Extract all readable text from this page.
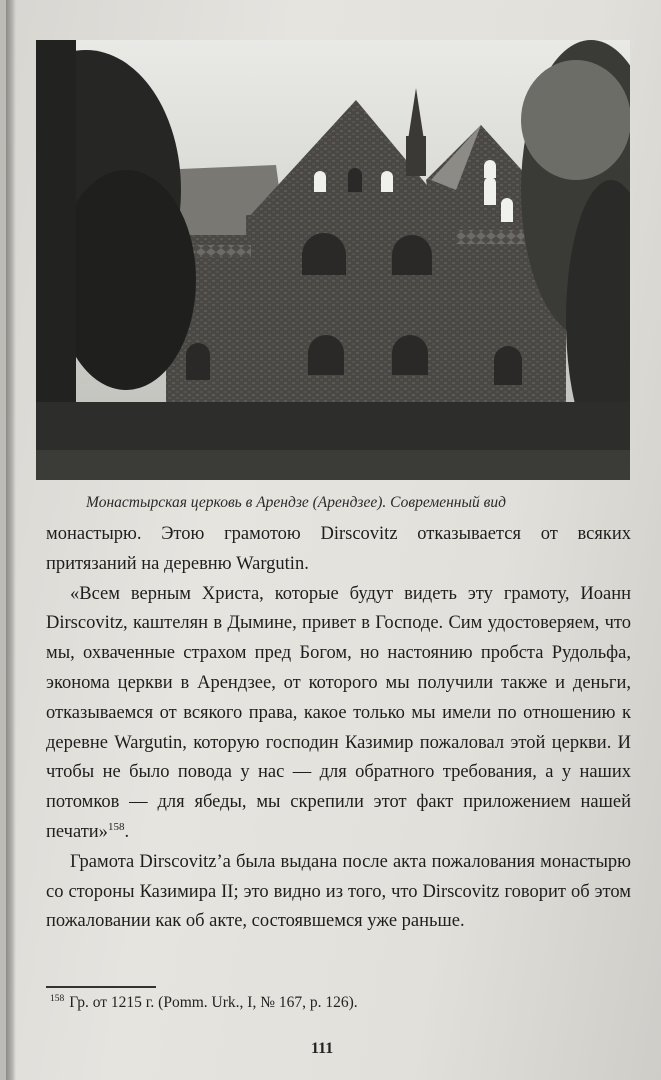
Монастырская церковь в Арендзе (Арендзее). Современный вид

монастырю. Этою грамотою Dirscovitz отказывается от всяких притязаний на деревню Wargutin.

«Всем верным Христа, которые будут видеть эту грамоту, Иоанн Dirscovitz, каштелян в Дымине, привет в Господе. Сим удостоверяем, что мы, охваченные страхом пред Богом, но настоянию пробста Рудольфа, эконома церкви в Арендзее, от которого мы получили также и деньги, отказываемся от всякого права, какое только мы имели по отношению к деревне Wargutin, которую господин Казимир пожаловал этой церкви. И чтобы не было повода у нас — для обратного требования, а у наших потомков — для ябеды, мы скрепили этот факт приложением нашей печати»$^{158}$.

Грамота Dirscovitz’а была выдана после акта пожалования монастырю со стороны Казимира II; это видно из того, что Dirscovitz говорит об этом пожаловании как об акте, состоявшемся уже раньше.

$^{158}$ Гр. от 1215 г. (Pomm. Urk., I, № 167, p. 126).
111
